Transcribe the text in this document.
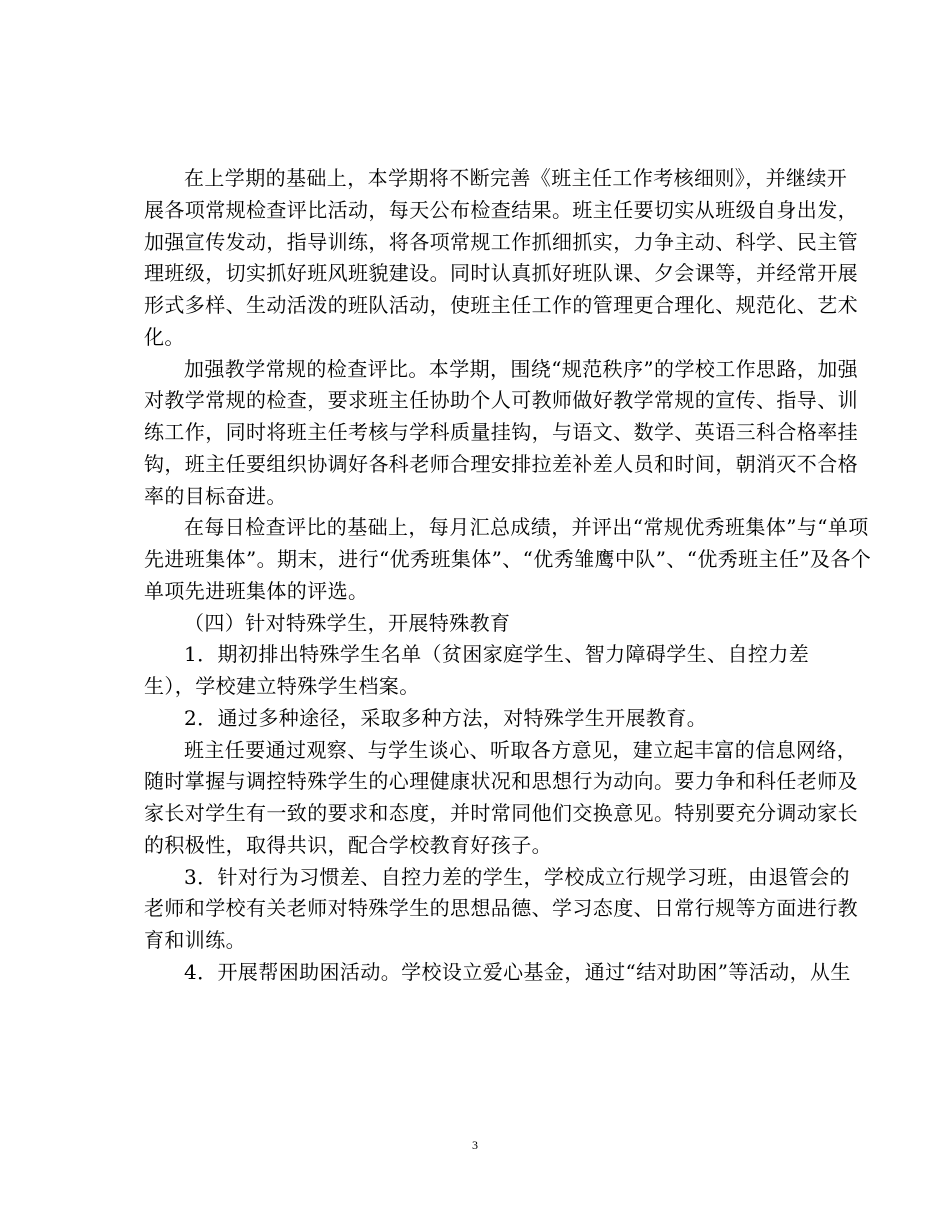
在上学期的基础上，本学期将不断完善《班主任工作考核细则》，并继续开
展各项常规检查评比活动，每天公布检查结果。班主任要切实从班级自身出发，
加强宣传发动，指导训练，将各项常规工作抓细抓实，力争主动、科学、民主管
理班级，切实抓好班风班貌建设。同时认真抓好班队课、夕会课等，并经常开展
形式多样、生动活泼的班队活动，使班主任工作的管理更合理化、规范化、艺术
化。
加强教学常规的检查评比。本学期，围绕“规范秩序”的学校工作思路，加强
对教学常规的检查，要求班主任协助个人可教师做好教学常规的宣传、指导、训
练工作，同时将班主任考核与学科质量挂钩，与语文、数学、英语三科合格率挂
钩，班主任要组织协调好各科老师合理安排拉差补差人员和时间，朝消灭不合格
率的目标奋进。
在每日检查评比的基础上，每月汇总成绩，并评出“常规优秀班集体”与“单项
先进班集体”。期末，进行“优秀班集体”、“优秀雏鹰中队”、“优秀班主任”及各个
单项先进班集体的评选。
（四）针对特殊学生，开展特殊教育
1．期初排出特殊学生名单（贫困家庭学生、智力障碍学生、自控力差
生），学校建立特殊学生档案。
2．通过多种途径，采取多种方法，对特殊学生开展教育。
班主任要通过观察、与学生谈心、听取各方意见，建立起丰富的信息网络，
随时掌握与调控特殊学生的心理健康状况和思想行为动向。要力争和科任老师及
家长对学生有一致的要求和态度，并时常同他们交换意见。特别要充分调动家长
的积极性，取得共识，配合学校教育好孩子。
3．针对行为习惯差、自控力差的学生，学校成立行规学习班，由退管会的
老师和学校有关老师对特殊学生的思想品德、学习态度、日常行规等方面进行教
育和训练。
4．开展帮困助困活动。学校设立爱心基金，通过“结对助困”等活动，从生
3
